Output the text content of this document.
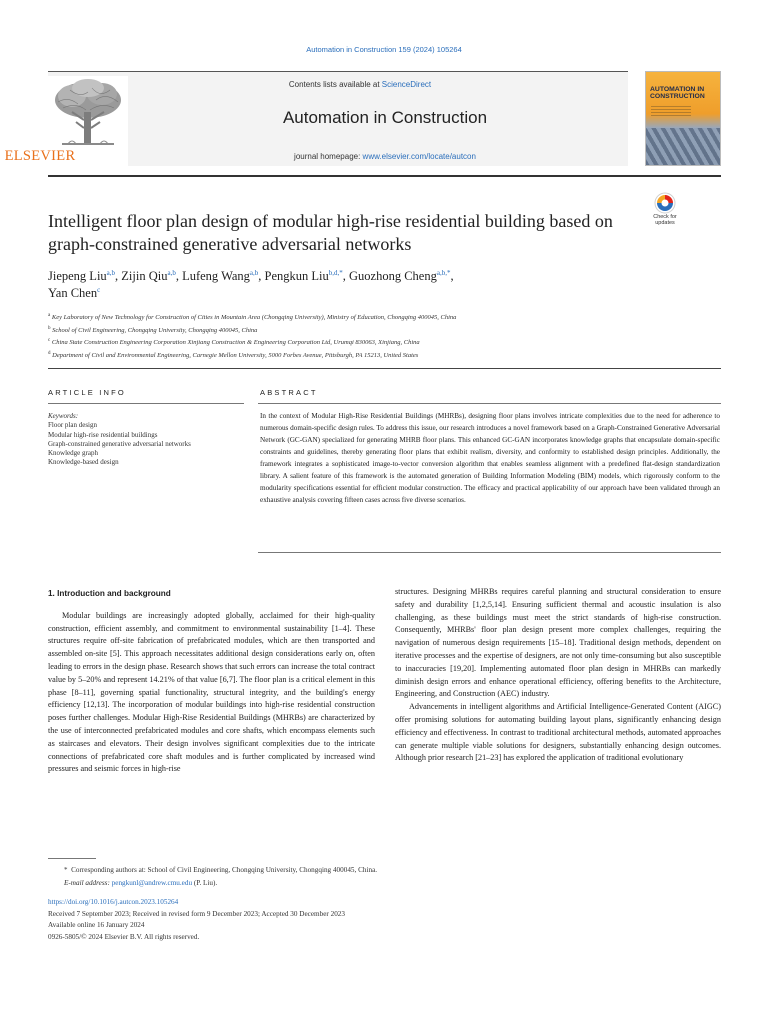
Automation in Construction 159 (2024) 105264
ELSEVIER
Contents lists available at ScienceDirect
Automation in Construction
journal homepage: www.elsevier.com/locate/autcon
AUTOMATION IN CONSTRUCTION
Check for
updates
Intelligent floor plan design of modular high-rise residential building based on graph-constrained generative adversarial networks
Jiepeng Liu$^{a,b}$, Zijin Qiu$^{a,b}$, Lufeng Wang$^{a,b}$, Pengkun Liu$^{b,d,*}$, Guozhong Cheng$^{a,b,*}$,
Yan Chen$^c$
$^a$ Key Laboratory of New Technology for Construction of Cities in Mountain Area (Chongqing University), Ministry of Education, Chongqing 400045, China
$^b$ School of Civil Engineering, Chongqing University, Chongqing 400045, China
$^c$ China State Construction Engineering Corporation Xinjiang Construction & Engineering Corporation Ltd, Urumqi 830063, Xinjiang, China
$^d$ Department of Civil and Environmental Engineering, Carnegie Mellon University, 5000 Forbes Avenue, Pittsburgh, PA 15213, United States
ARTICLE INFO	ABSTRACT
Keywords:
Floor plan design
Modular high-rise residential buildings
Graph-constrained generative adversarial networks
Knowledge graph
Knowledge-based design
In the context of Modular High-Rise Residential Buildings (MHRBs), designing floor plans involves intricate complexities due to the need for adherence to numerous domain-specific design rules. To address this issue, our research introduces a novel framework based on a Graph-Constrained Generative Adversarial Network (GC-GAN) specialized for generating MHRB floor plans. This enhanced GC-GAN incorporates knowledge graphs that encapsulate domain-specific constraints and guidelines, thereby generating floor plans that exhibit realism, diversity, and conformity to established design principles. Additionally, the framework integrates a sophisticated image-to-vector conversion algorithm that enables seamless alignment with a predefined flat-design standardization library. A salient feature of this framework is the automated generation of Building Information Modeling (BIM) models, which rigorously conform to the modularity specifications essential for efficient modular construction. The efficacy and practical applicability of our approach have been validated through an exhaustive analysis covering fifteen cases across five diverse scenarios.
1. Introduction and background
Modular buildings are increasingly adopted globally, acclaimed for their high-quality construction, efficient assembly, and commitment to environmental sustainability [1–4]. These structures require off-site fabrication of prefabricated modules, which are then transported and assembled on-site [5]. This approach necessitates additional design considerations early on, often leading to errors in the design phase. Research shows that such errors can increase the total contract value by 5–20% and represent 14.21% of that value [6,7]. The floor plan is a critical element in this phase [8–11], governing spatial functionality, structural integrity, and the building's energy efficiency [12,13]. The incorporation of modular buildings into high-rise residential construction poses further challenges. Modular High-Rise Residential Buildings (MHRBs) are characterized by the use of interconnected prefabricated modules and core shafts, which encompass elements such as staircases and elevators. Their design involves significant complexities due to the intricate connections of prefabricated core shaft modules and is further complicated by increased wind pressures and seismic forces in high-rise
structures. Designing MHRBs requires careful planning and structural consideration to ensure safety and durability [1,2,5,14]. Ensuring sufficient thermal and acoustic insulation is also challenging, as these buildings must meet the strict standards of high-rise construction. Consequently, MHRBs' floor plan design present more complex challenges, requiring the navigation of numerous design requirements [15–18]. Traditional design methods, dependent on iterative processes and the expertise of designers, are not only time-consuming but also susceptible to inaccuracies [19,20]. Implementing automated floor plan design in MHRBs can markedly diminish design errors and enhance operational efficiency, offering benefits to the Architecture, Engineering, and Construction (AEC) industry.
Advancements in intelligent algorithms and Artificial Intelligence-Generated Content (AIGC) offer promising solutions for automating building layout plans, significantly enhancing design efficiency and effectiveness. In contrast to traditional architectural methods, automated approaches can generate multiple viable solutions for designers, substantially enhancing design outcomes. Although prior research [21–23] has explored the application of traditional evolutionary
* Corresponding authors at: School of Civil Engineering, Chongqing University, Chongqing 400045, China.
E-mail address: pengkunl@andrew.cmu.edu (P. Liu).
https://doi.org/10.1016/j.autcon.2023.105264
Received 7 September 2023; Received in revised form 9 December 2023; Accepted 30 December 2023
Available online 16 January 2024
0926-5805/© 2024 Elsevier B.V. All rights reserved.
